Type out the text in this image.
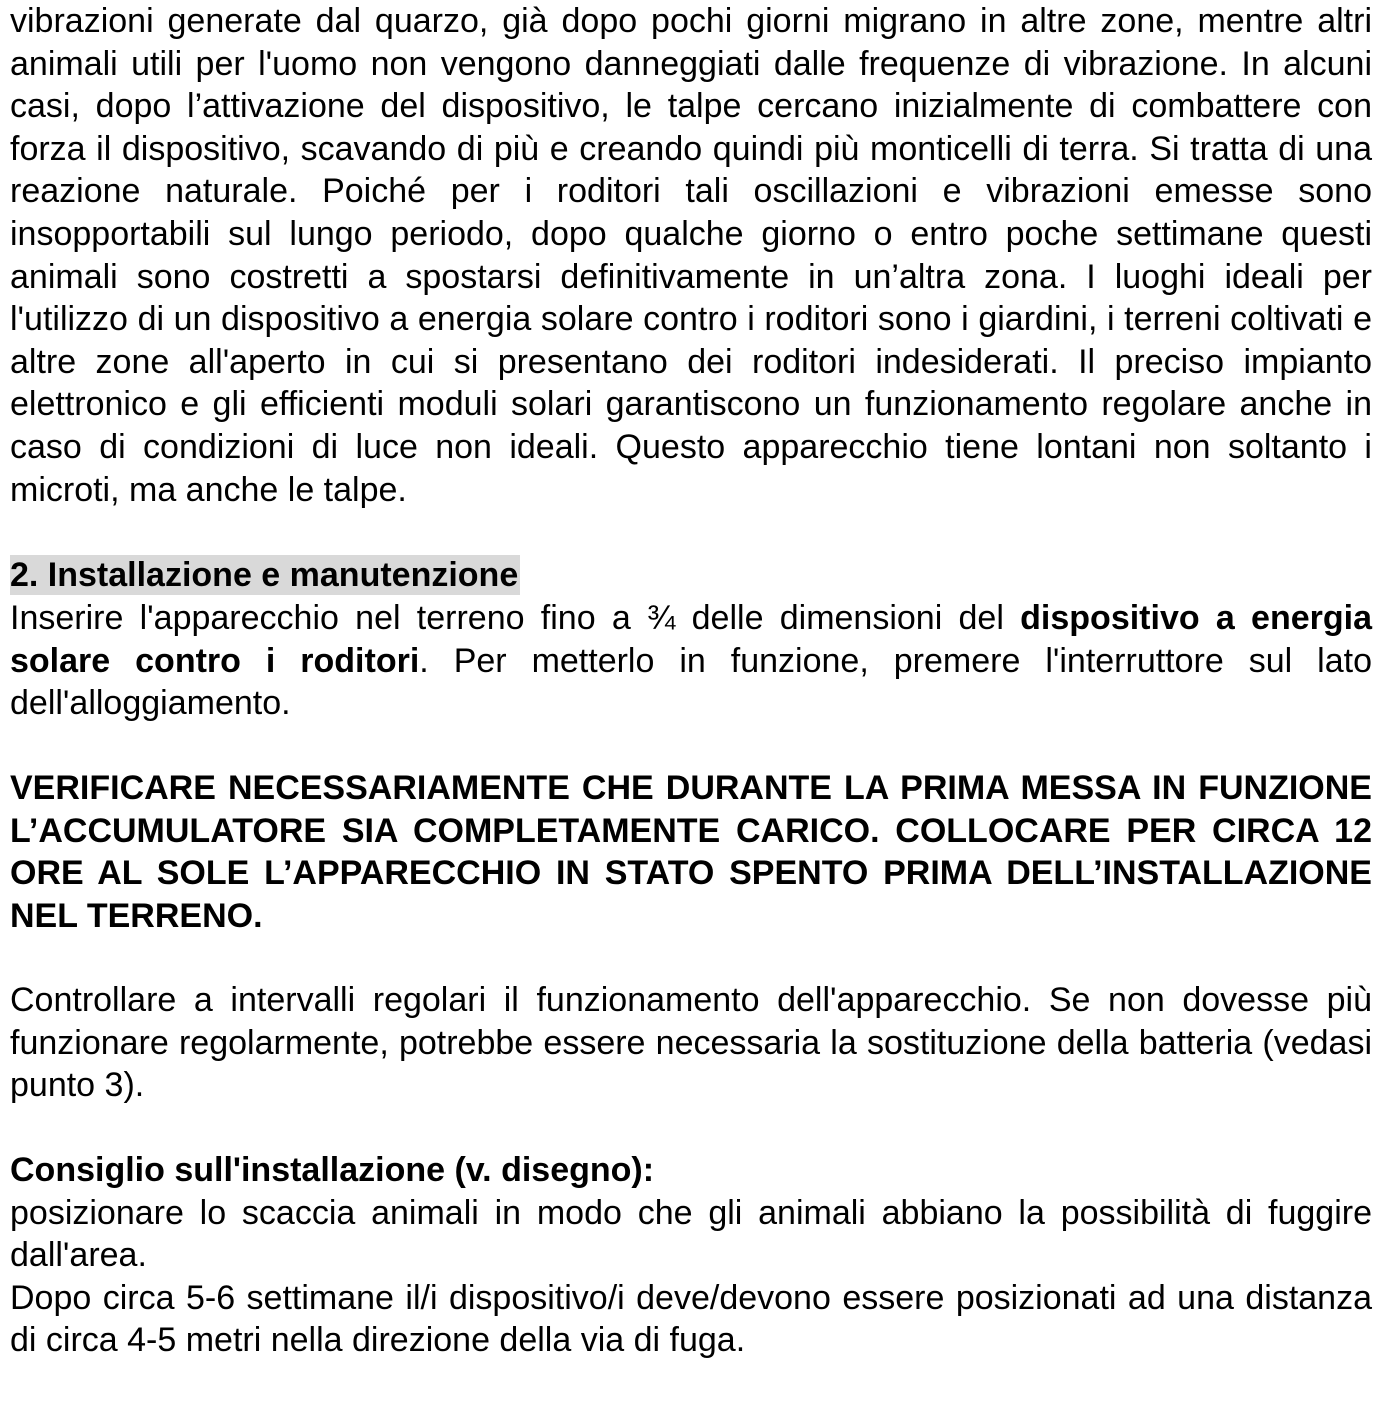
vibrazioni generate dal quarzo, già dopo pochi giorni migrano in altre zone, mentre altri animali utili per l'uomo non vengono danneggiati dalle frequenze di vibrazione. In alcuni casi, dopo l’attivazione del dispositivo, le talpe cercano inizialmente di combattere con forza il dispositivo, scavando di più e creando quindi più monticelli di terra. Si tratta di una reazione naturale. Poiché per i roditori tali oscillazioni e vibrazioni emesse sono insopportabili sul lungo periodo, dopo qualche giorno o entro poche settimane questi animali sono costretti a spostarsi definitivamente in un’altra zona. I luoghi ideali per l'utilizzo di un dispositivo a energia solare contro i roditori sono i giardini, i terreni coltivati e altre zone all'aperto in cui si presentano dei roditori indesiderati. Il preciso impianto elettronico e gli efficienti moduli solari garantiscono un funzionamento regolare anche in caso di condizioni di luce non ideali. Questo apparecchio tiene lontani non soltanto i microti, ma anche le talpe.

2. Installazione e manutenzione

Inserire l'apparecchio nel terreno fino a ¾ delle dimensioni del dispositivo a energia solare contro i roditori. Per metterlo in funzione, premere l'interruttore sul lato dell'alloggiamento.

VERIFICARE NECESSARIAMENTE CHE DURANTE LA PRIMA MESSA IN FUNZIONE L’ACCUMULATORE SIA COMPLETAMENTE CARICO. COLLOCARE PER CIRCA 12 ORE AL SOLE L’APPARECCHIO IN STATO SPENTO PRIMA DELL’INSTALLAZIONE NEL TERRENO.

Controllare a intervalli regolari il funzionamento dell'apparecchio. Se non dovesse più funzionare regolarmente, potrebbe essere necessaria la sostituzione della batteria (vedasi punto 3).

Consiglio sull'installazione (v. disegno):

posizionare lo scaccia animali in modo che gli animali abbiano la possibilità di fuggire dall'area.

Dopo circa 5-6 settimane il/i dispositivo/i deve/devono essere posizionati ad una distanza di circa 4-5 metri nella direzione della via di fuga.
